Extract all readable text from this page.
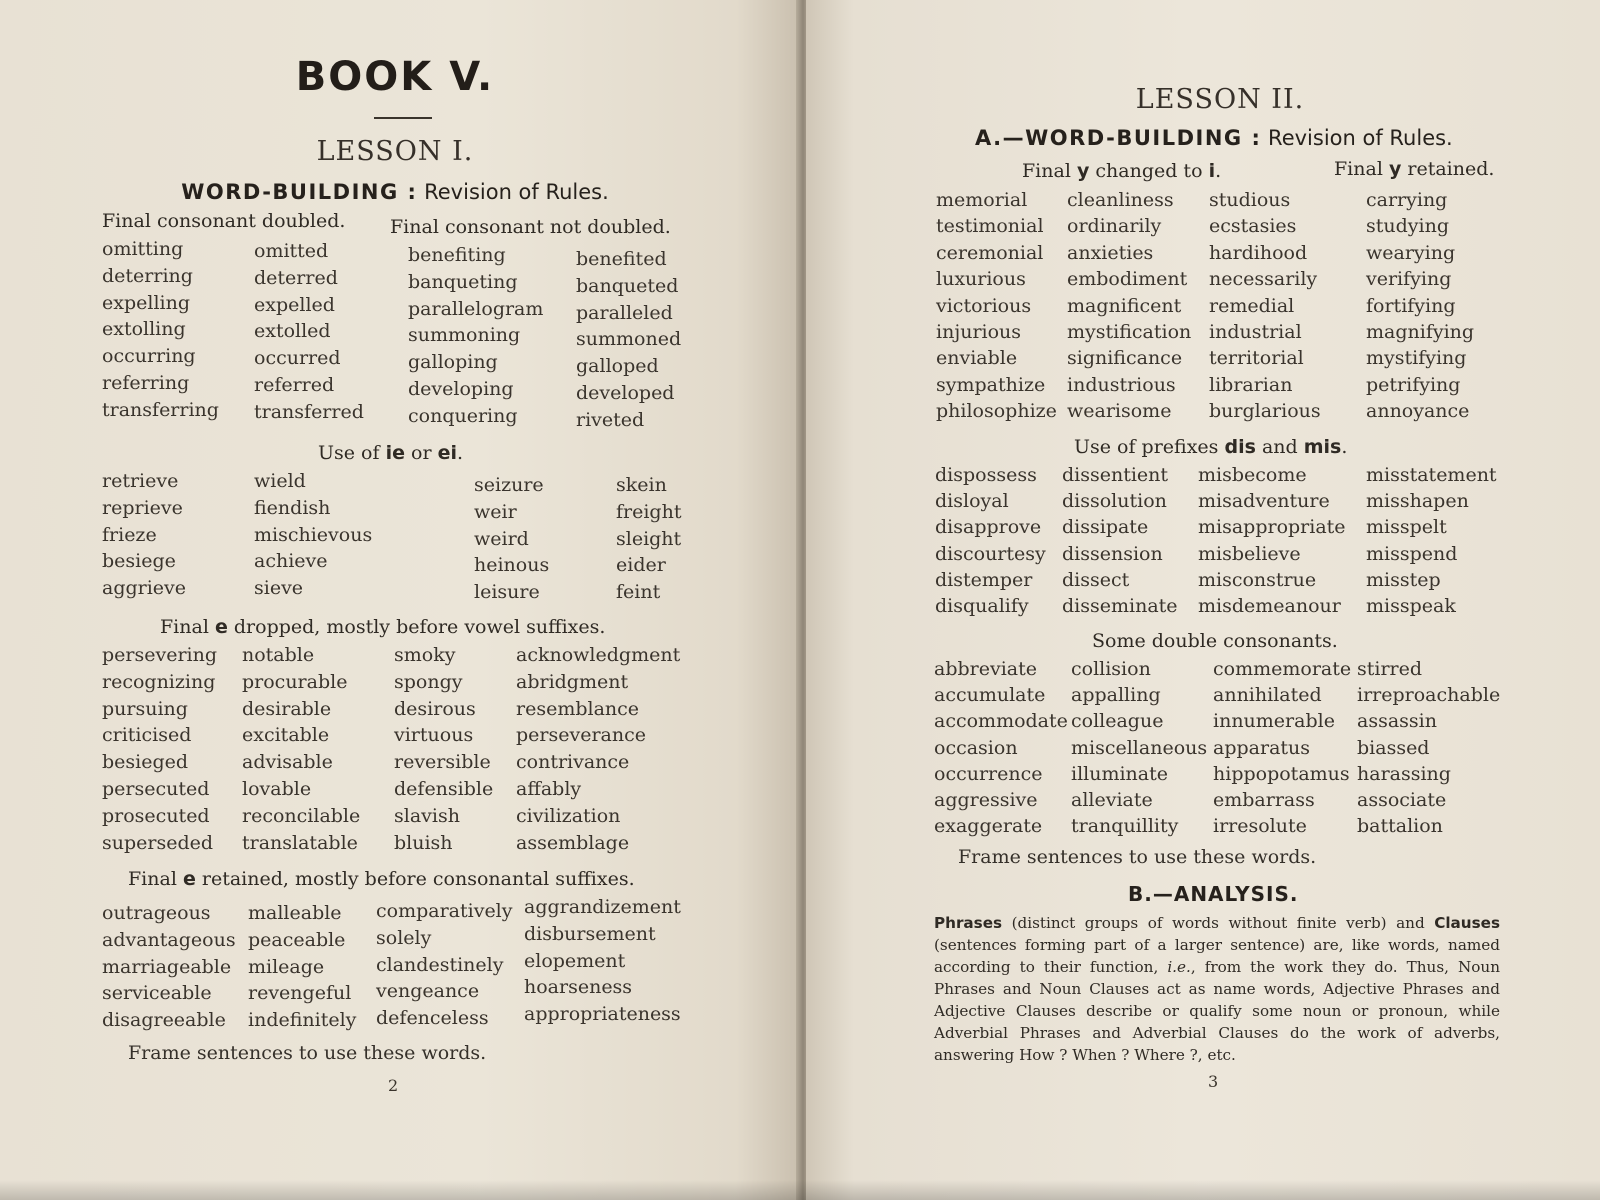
BOOK V.
LESSON I.
WORD-BUILDING : Revision of Rules.
Final consonant doubled. Final consonant not doubled.
omitting
deterring
expelling
extolling
occurring
referring
transferring
omitted
deterred
expelled
extolled
occurred
referred
transferred
benefiting
banqueting
parallelogram
summoning
galloping
developing
conquering
benefited
banqueted
paralleled
summoned
galloped
developed
riveted
Use of ie or ei.
retrieve
reprieve
frieze
besiege
aggrieve
wield
fiendish
mischievous
achieve
sieve
seizure
weir
weird
heinous
leisure
skein
freight
sleight
eider
feint
Final e dropped, mostly before vowel suffixes.
persevering
recognizing
pursuing
criticised
besieged
persecuted
prosecuted
superseded
notable
procurable
desirable
excitable
advisable
lovable
reconcilable
translatable
smoky
spongy
desirous
virtuous
reversible
defensible
slavish
bluish
acknowledgment
abridgment
resemblance
perseverance
contrivance
affably
civilization
assemblage
Final e retained, mostly before consonantal suffixes.
outrageous
advantageous
marriageable
serviceable
disagreeable
malleable
peaceable
mileage
revengeful
indefinitely
comparatively
solely
clandestinely
vengeance
defenceless
aggrandizement
disbursement
elopement
hoarseness
appropriateness
Frame sentences to use these words.
2
LESSON II.
A.—WORD-BUILDING : Revision of Rules.
Final y changed to i.	Final y retained.
memorial
testimonial
ceremonial
luxurious
victorious
injurious
enviable
sympathize
philosophize
cleanliness
ordinarily
anxieties
embodiment
magnificent
mystification
significance
industrious
wearisome
studious
ecstasies
hardihood
necessarily
remedial
industrial
territorial
librarian
burglarious
carrying
studying
wearying
verifying
fortifying
magnifying
mystifying
petrifying
annoyance
Use of prefixes dis and mis.
dispossess
disloyal
disapprove
discourtesy
distemper
disqualify
dissentient
dissolution
dissipate
dissension
dissect
disseminate
misbecome
misadventure
misappropriate
misbelieve
misconstrue
misdemeanour
misstatement
misshapen
misspelt
misspend
misstep
misspeak
Some double consonants.
abbreviate
accumulate
accommodate
occasion
occurrence
aggressive
exaggerate
collision
appalling
colleague
miscellaneous
illuminate
alleviate
tranquillity
commemorate
annihilated
innumerable
apparatus
hippopotamus
embarrass
irresolute
stirred
irreproachable
assassin
biassed
harassing
associate
battalion
Frame sentences to use these words.
B.—ANALYSIS.
Phrases (distinct groups of words without finite verb) and Clauses (sentences forming part of a larger sentence) are, like words, named according to their function, i.e., from the work they do. Thus, Noun Phrases and Noun Clauses act as name words, Adjective Phrases and Adjective Clauses describe or qualify some noun or pronoun, while Adverbial Phrases and Adverbial Clauses do the work of adverbs, answering How ? When ? Where ?, etc.
3
